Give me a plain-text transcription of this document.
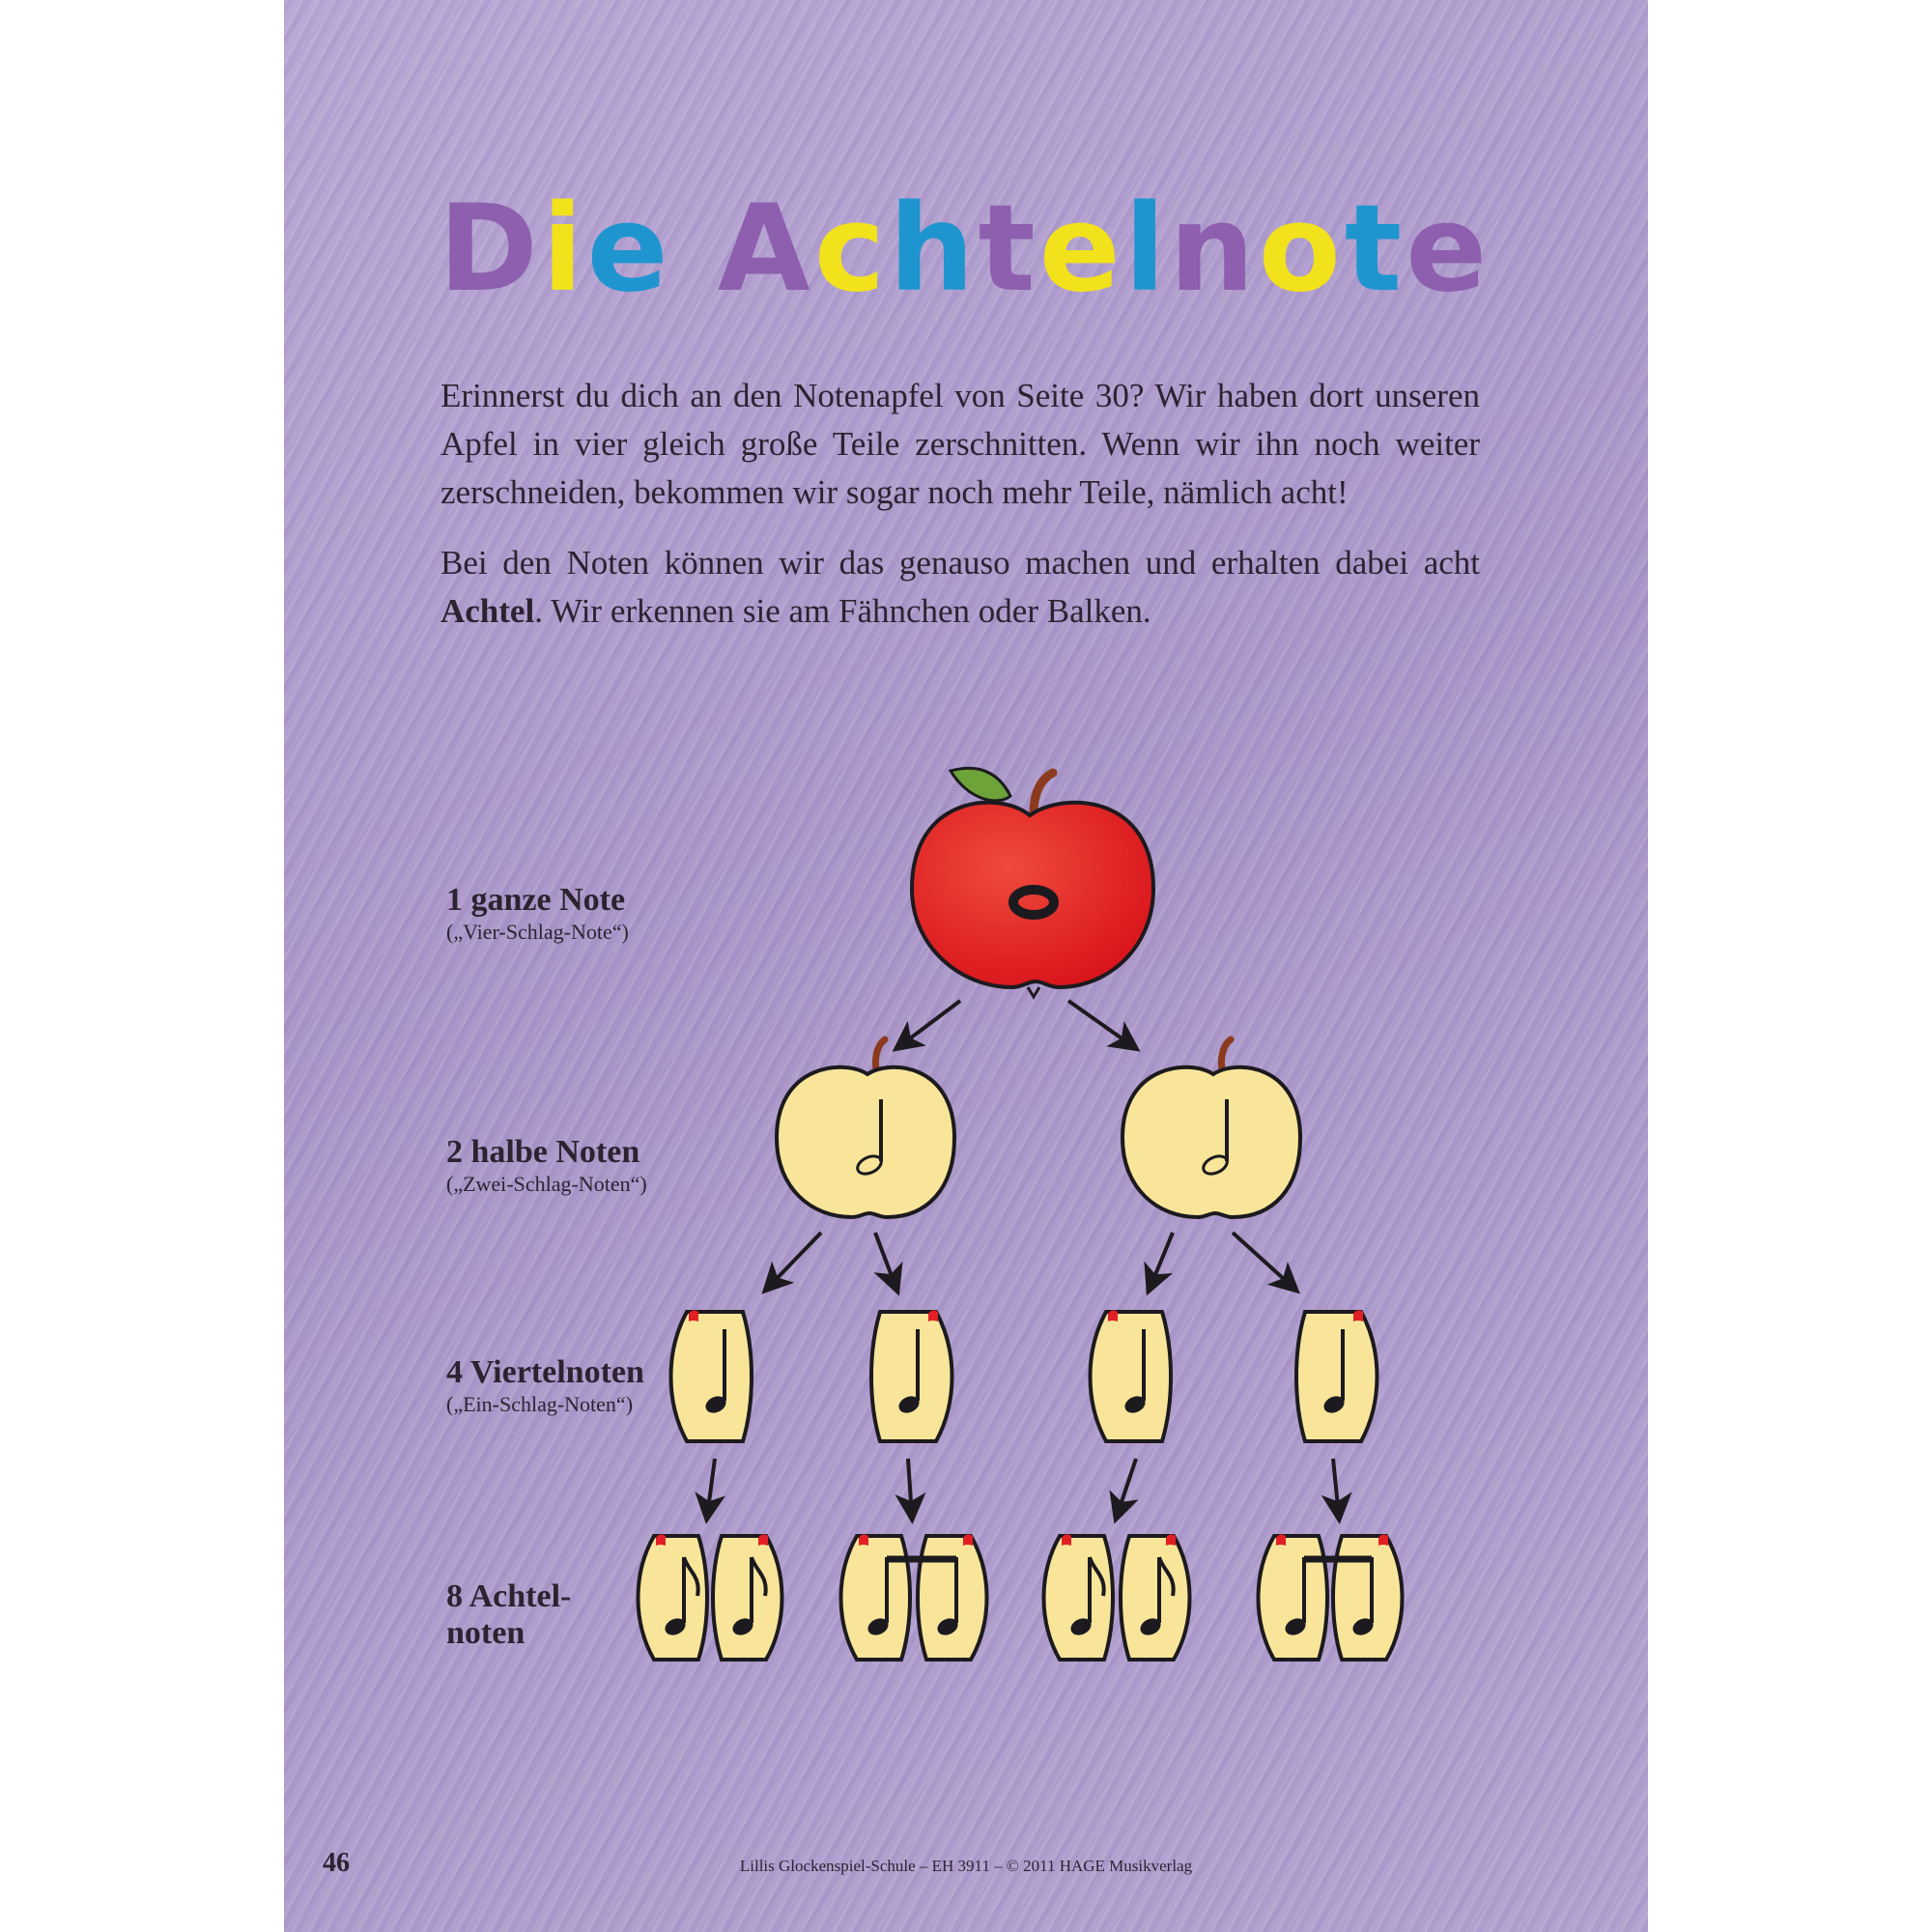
Die Achtelnote

Erinnerst du dich an den Notenapfel von Seite 30? Wir haben dort unseren Apfel in vier gleich große Teile zerschnitten. Wenn wir ihn noch weiter zerschneiden, bekommen wir sogar noch mehr Teile, nämlich acht!

Bei den Noten können wir das genauso machen und erhalten dabei acht Achtel. Wir erkennen sie am Fähnchen oder Balken.

1 ganze Note
(„Vier-Schlag-Note“)
2 halbe Noten
(„Zwei-Schlag-Noten“)
4 Viertelnoten
(„Ein-Schlag-Noten“)
8 Achtel-
noten

46	Lillis Glockenspiel-Schule – EH 3911 – © 2011 HAGE Musikverlag
